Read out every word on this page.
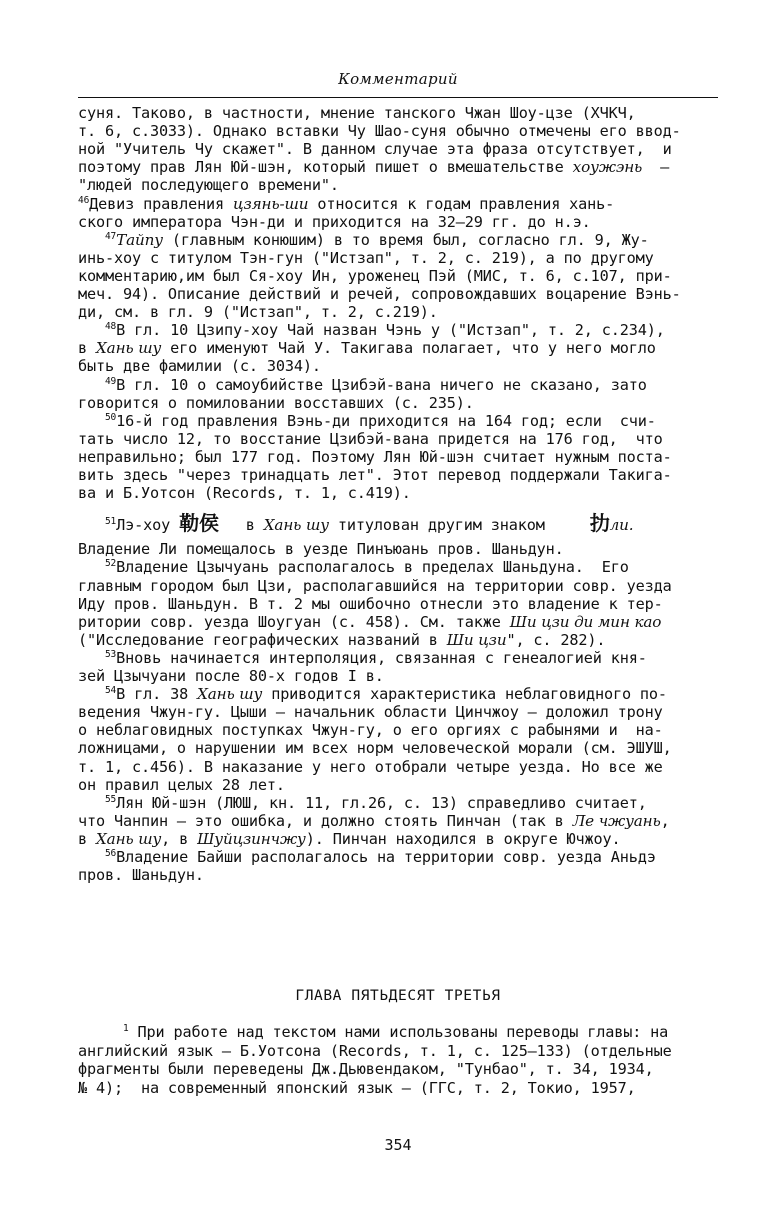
Комментарий
суня. Таково, в частности, мнение танского Чжан Шоу-цзе (ХЧКЧ,
т. 6, с.3033). Однако вставки Чу Шао-суня обычно отмечены его ввод-
ной "Учитель Чу скажет". В данном случае эта фраза отсутствует,  и
поэтому прав Лян Юй-шэн, который пишет о вмешательстве хоужэнь  —
"людей последующего времени".
$^{46}$Девиз правления цзянь-ши относится к годам правления хань-
ского императора Чэн-ди и приходится на 32—29 гг. до н.э.
$^{47}$Тайпу (главным конюшим) в то время был, согласно гл. 9, Жу-
инь-хоу с титулом Тэн-гун ("Истзап", т. 2, с. 219), а по другому
комментарию,им был Ся-хоу Ин, уроженец Пэй (МИС, т. 6, с.107, при-
меч. 94). Описание действий и речей, сопровождавших воцарение Вэнь-
ди, см. в гл. 9 ("Истзап", т. 2, с.219).
$^{48}$В гл. 10 Цзипу-хоу Чай назван Чэнь у ("Истзап", т. 2, с.234),
в Хань шу его именуют Чай У. Такигава полагает, что у него могло
быть две фамилии (с. 3034).
$^{49}$В гл. 10 о самоубийстве Цзибэй-вана ничего не сказано, зато
говорится о помиловании восставших (с. 235).
$^{50}$16-й год правления Вэнь-ди приходится на 164 год; если  счи-
тать число 12, то восстание Цзибэй-вана придется на 176 год,  что
неправильно; был 177 год. Поэтому Лян Юй-шэн считает нужным поста-
вить здесь "через тринадцать лет". Этот перевод поддержали Такига-
ва и Б.Уотсон (Records, т. 1, с.419).
$^{51}$Лэ-хоу 勒侯   в Хань шу титулован другим знаком     扐ли.
Владение Ли помещалось в уезде Пинъюань пров. Шаньдун.
$^{52}$Владение Цзычуань располагалось в пределах Шаньдуна.  Его
главным городом был Цзи, располагавшийся на территории совр. уезда
Иду пров. Шаньдун. В т. 2 мы ошибочно отнесли это владение к тер-
ритории совр. уезда Шоугуан (с. 458). См. также Ши цзи ди мин као
("Исследование географических названий в Ши цзи", с. 282).
$^{53}$Вновь начинается интерполяция, связанная с генеалогией кня-
зей Цзычуани после 80-х годов I в.
$^{54}$В гл. 38 Хань шу приводится характеристика неблаговидного по-
ведения Чжун-гу. Цыши — начальник области Цинчжоу — доложил трону
о неблаговидных поступках Чжун-гу, о его оргиях с рабынями и  на-
ложницами, о нарушении им всех норм человеческой морали (см. ЭШУШ,
т. 1, с.456). В наказание у него отобрали четыре уезда. Но все же
он правил целых 28 лет.
$^{55}$Лян Юй-шэн (ЛЮШ, кн. 11, гл.26, с. 13) справедливо считает,
что Чанпин — это ошибка, и должно стоять Пинчан (так в Ле чжуань,
в Хань шу, в Шуйцзинчжу). Пинчан находился в округе Ючжоу.
$^{56}$Владение Байши располагалось на территории совр. уезда Аньдэ
пров. Шаньдун.
ГЛАВА ПЯТЬДЕСЯТ ТРЕТЬЯ
$^1$ При работе над текстом нами использованы переводы главы: на
английский язык — Б.Уотсона (Records, т. 1, с. 125—133) (отдельные
фрагменты были переведены Дж.Дьювендаком, "Тунбао", т. 34, 1934,
№ 4);  на современный японский язык — (ГГС, т. 2, Токио, 1957,
354
